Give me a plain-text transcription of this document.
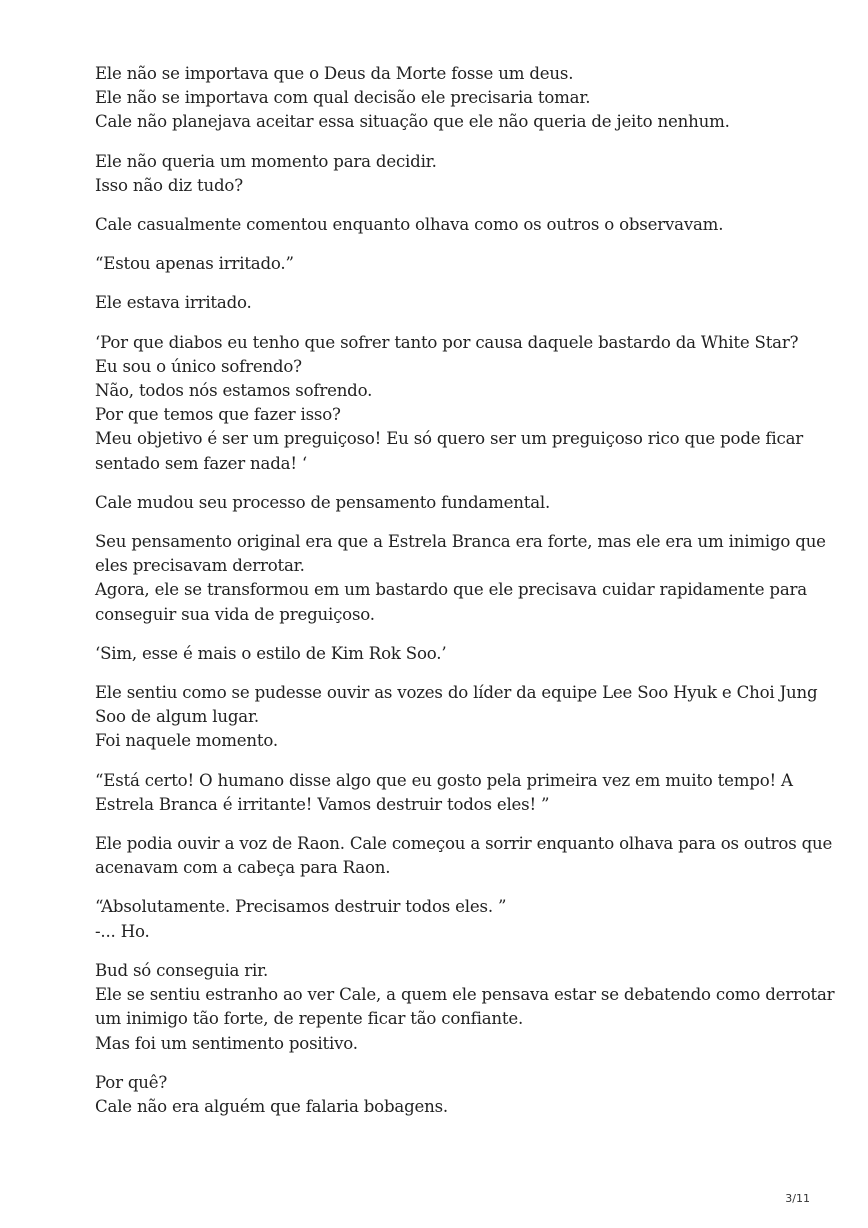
Ele não se importava que o Deus da Morte fosse um deus.
Ele não se importava com qual decisão ele precisaria tomar.
Cale não planejava aceitar essa situação que ele não queria de jeito nenhum.
Ele não queria um momento para decidir.
Isso não diz tudo?
Cale casualmente comentou enquanto olhava como os outros o observavam.
“Estou apenas irritado.”
Ele estava irritado.
‘Por que diabos eu tenho que sofrer tanto por causa daquele bastardo da White Star?
Eu sou o único sofrendo?
Não, todos nós estamos sofrendo.
Por que temos que fazer isso?
Meu objetivo é ser um preguiçoso! Eu só quero ser um preguiçoso rico que pode ficar
sentado sem fazer nada! ‘
Cale mudou seu processo de pensamento fundamental.
Seu pensamento original era que a Estrela Branca era forte, mas ele era um inimigo que
eles precisavam derrotar.
Agora, ele se transformou em um bastardo que ele precisava cuidar rapidamente para
conseguir sua vida de preguiçoso.
‘Sim, esse é mais o estilo de Kim Rok Soo.’
Ele sentiu como se pudesse ouvir as vozes do líder da equipe Lee Soo Hyuk e Choi Jung
Soo de algum lugar.
Foi naquele momento.
“Está certo! O humano disse algo que eu gosto pela primeira vez em muito tempo! A
Estrela Branca é irritante! Vamos destruir todos eles! ”
Ele podia ouvir a voz de Raon. Cale começou a sorrir enquanto olhava para os outros que
acenavam com a cabeça para Raon.
“Absolutamente. Precisamos destruir todos eles. ”
-... Ho.
Bud só conseguia rir.
Ele se sentiu estranho ao ver Cale, a quem ele pensava estar se debatendo como derrotar
um inimigo tão forte, de repente ficar tão confiante.
Mas foi um sentimento positivo.
Por quê?
Cale não era alguém que falaria bobagens.
3/11
